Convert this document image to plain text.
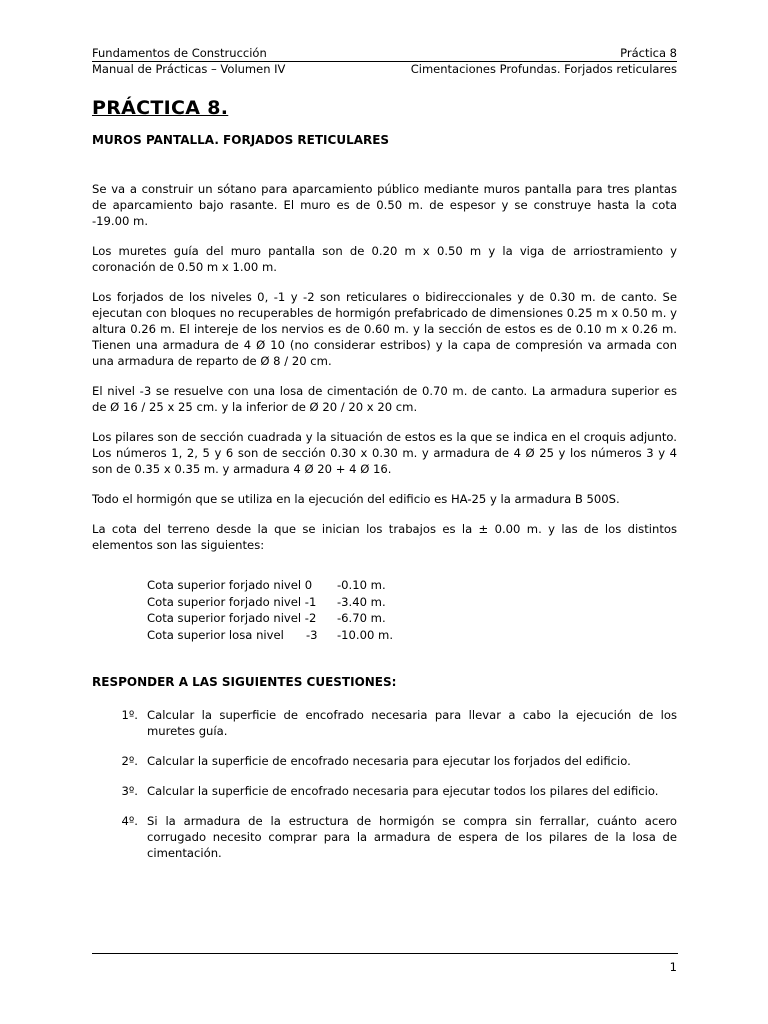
Fundamentos de Construcción	Práctica 8
Manual de Prácticas – Volumen IV	Cimentaciones Profundas. Forjados reticulares
PRÁCTICA 8.
MUROS PANTALLA. FORJADOS RETICULARES
Se va a construir un sótano para aparcamiento público mediante muros pantalla para tres plantas de aparcamiento bajo rasante. El muro es de 0.50 m. de espesor y se construye hasta la cota -19.00 m.
Los muretes guía del muro pantalla son de 0.20 m x 0.50 m y la viga de arriostramiento y coronación de 0.50 m x 1.00 m.
Los forjados de los niveles 0, -1 y -2 son reticulares o bidireccionales y de 0.30 m. de canto. Se ejecutan con bloques no recuperables de hormigón prefabricado de dimensiones 0.25 m x 0.50 m. y altura 0.26 m. El intereje de los nervios es de 0.60 m. y la sección de estos es de 0.10 m x 0.26 m. Tienen una armadura de 4 Ø 10 (no considerar estribos) y la capa de compresión va armada con una armadura de reparto de Ø 8 / 20 cm.
El nivel -3 se resuelve con una losa de cimentación de 0.70 m. de canto. La armadura superior es de Ø 16 / 25 x 25 cm. y la inferior de Ø 20 / 20 x 20 cm.
Los pilares son de sección cuadrada y la situación de estos es la que se indica en el croquis adjunto. Los números 1, 2, 5 y 6 son de sección 0.30 x 0.30 m. y armadura de 4 Ø 25 y los números 3 y 4 son de 0.35 x 0.35 m. y armadura 4 Ø 20 + 4 Ø 16.
Todo el hormigón que se utiliza en la ejecución del edificio es HA-25 y la armadura B 500S.
La cota del terreno desde la que se inician los trabajos es la ± 0.00 m. y las de los distintos elementos son las siguientes:
Cota superior forjado nivel 0	-0.10 m.
Cota superior forjado nivel -1	-3.40 m.
Cota superior forjado nivel -2	-6.70 m.
Cota superior losa nivel      -3	-10.00 m.
RESPONDER A LAS SIGUIENTES CUESTIONES:
1º. Calcular la superficie de encofrado necesaria para llevar a cabo la ejecución de los muretes guía.
2º. Calcular la superficie de encofrado necesaria para ejecutar los forjados del edificio.
3º. Calcular la superficie de encofrado necesaria para ejecutar todos los pilares del edificio.
4º. Si la armadura de la estructura de hormigón se compra sin ferrallar, cuánto acero corrugado necesito comprar para la armadura de espera de los pilares de la losa de cimentación.
1
